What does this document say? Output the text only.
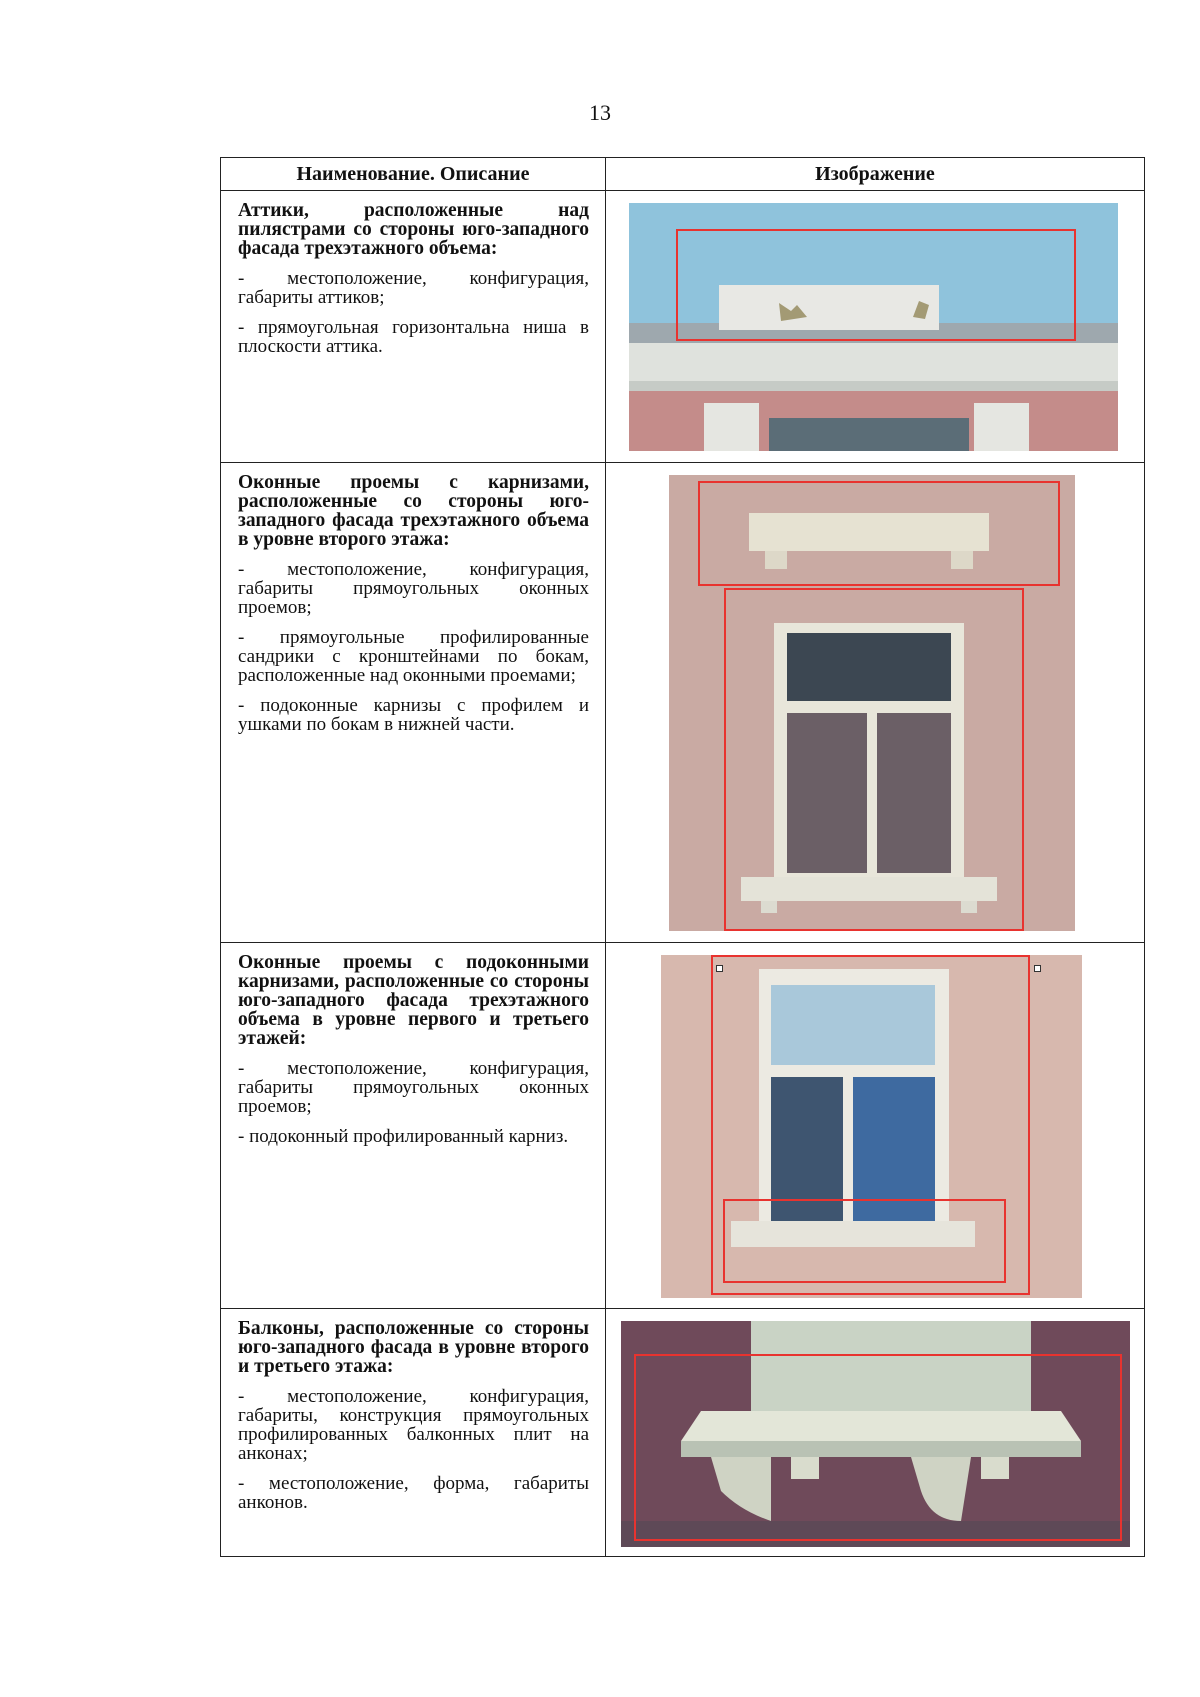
13
Наименование. Описание	Изображение

Аттики, расположенные над пилястрами со стороны юго-западного фасада трехэтажного объема:

- местоположение, конфигурация, габариты аттиков;

- прямоугольная горизонтальна ниша в плоскости аттика.

Оконные проемы с карнизами, расположенные со стороны юго-западного фасада трехэтажного объема в уровне второго этажа:

- местоположение, конфигурация, габариты прямоугольных оконных проемов;

- прямоугольные профилированные сандрики с кронштейнами по бокам, расположенные над оконными проемами;

- подоконные карнизы с профилем и ушками по бокам в нижней части.

Оконные проемы с подоконными карнизами, расположенные со стороны юго-западного фасада трехэтажного объема в уровне первого и третьего этажей:

- местоположение, конфигурация, габариты прямоугольных оконных проемов;

- подоконный профилированный карниз.

Балконы, расположенные со стороны юго-западного фасада в уровне второго и третьего этажа:

- местоположение, конфигурация, габариты, конструкция прямоугольных профилированных балконных плит на анконах;

- местоположение, форма, габариты анконов.
